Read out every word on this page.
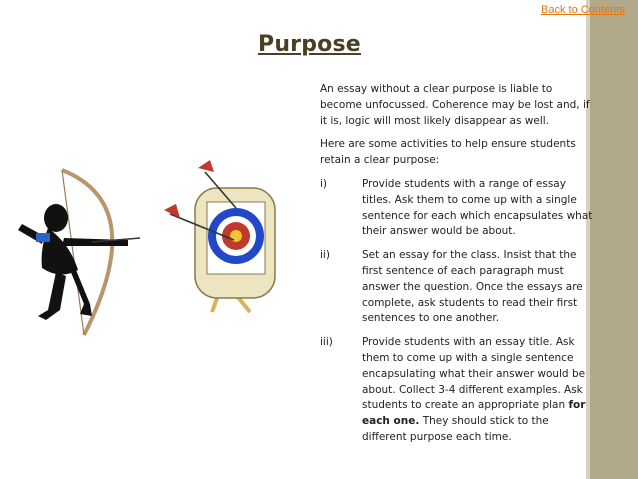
Back to Contents
Purpose

An essay without a clear purpose is liable to become unfocussed. Coherence may be lost and, if it is, logic will most likely disappear as well.

Here are some activities to help ensure students retain a clear purpose:

i)	Provide students with a range of essay titles. Ask them to come up with a single sentence for each which encapsulates what their answer would be about.
ii)	Set an essay for the class. Insist that the first sentence of each paragraph must answer the question. Once the essays are complete, ask students to read their first sentences to one another.
iii)	Provide students with an essay title. Ask them to come up with a single sentence encapsulating what their answer would be about. Collect 3-4 different examples. Ask students to create an appropriate plan for each one. They should stick to the different purpose each time.
